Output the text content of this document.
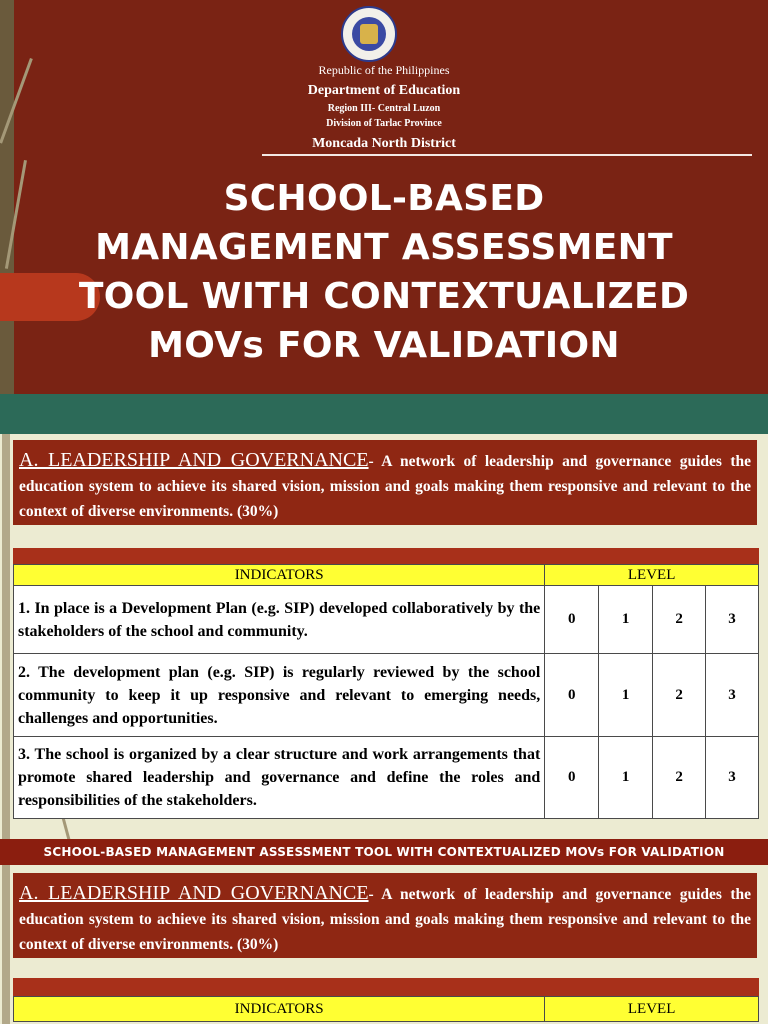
Republic of the Philippines
Department of Education
Region III- Central Luzon
Division of Tarlac Province
Moncada North District
SCHOOL-BASED
MANAGEMENT ASSESSMENT
TOOL WITH CONTEXTUALIZED
MOVs FOR VALIDATION
A. LEADERSHIP AND GOVERNANCE- A network of leadership and governance guides the education system to achieve its shared vision, mission and goals making them responsive and relevant to the context of diverse environments. (30%)
INDICATORS	LEVEL			
1. In place is a Development Plan (e.g. SIP) developed collaboratively by the stakeholders of the school and community.	0	1	2	3
2. The development plan (e.g. SIP) is regularly reviewed by the school community to keep it up responsive and relevant to emerging needs, challenges and opportunities.	0	1	2	3
3. The school is organized by a clear structure and work arrangements that promote shared leadership and governance and define the roles and responsibilities of the stakeholders.	0	1	2	3
SCHOOL-BASED MANAGEMENT ASSESSMENT TOOL WITH CONTEXTUALIZED MOVs FOR VALIDATION
A. LEADERSHIP AND GOVERNANCE- A network of leadership and governance guides the education system to achieve its shared vision, mission and goals making them responsive and relevant to the context of diverse environments. (30%)
INDICATORS	LEVEL
